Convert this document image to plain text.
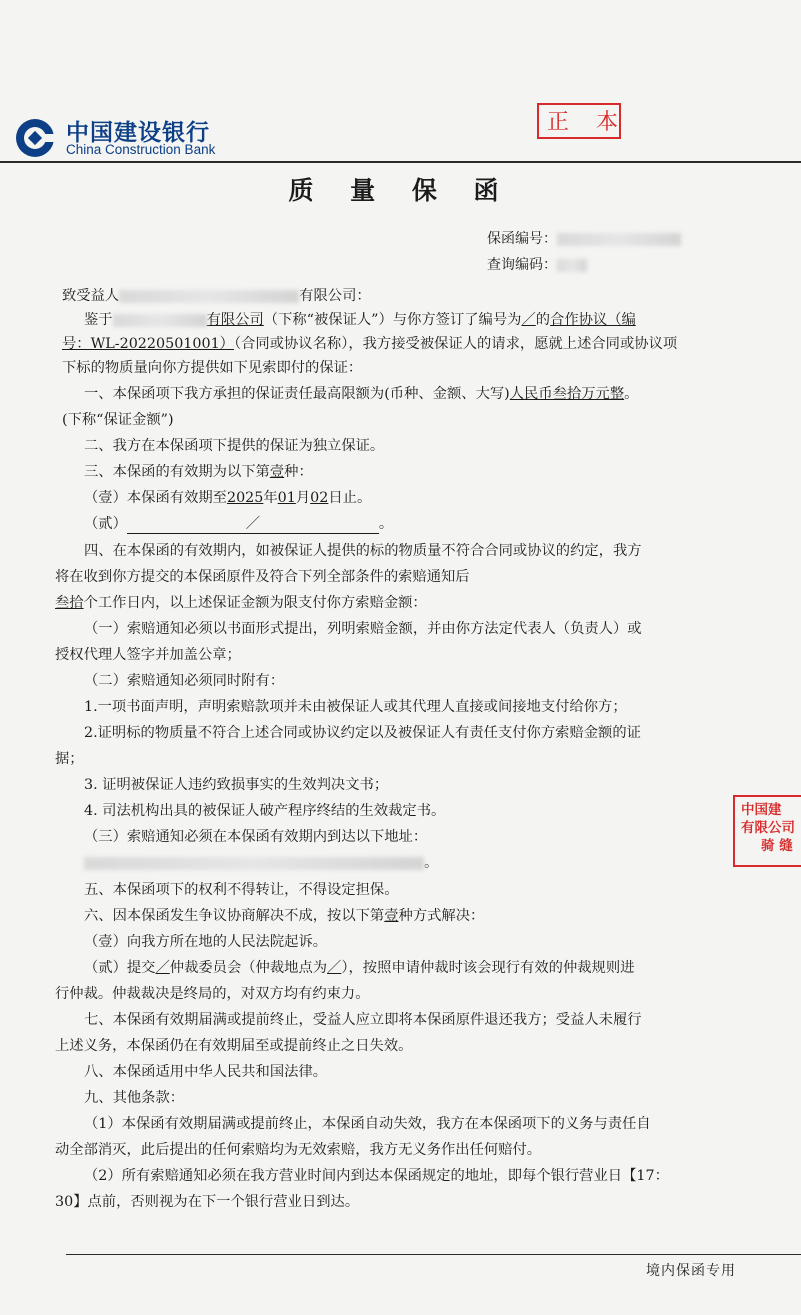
中国建设银行
China Construction Bank
正 本
质 量 保 函
保函编号：
查询编码：
致受益人	有限公司：
鉴于	有限公司（下称“被保证人”）与你方签订了编号为／的合作协议（编
号：WL-20220501001）（合同或协议名称），我方接受被保证人的请求，愿就上述合同或协议项
下标的物质量向你方提供如下见索即付的保证：
一、本保函项下我方承担的保证责任最高限额为(币种、金额、大写)人民币叁拾万元整。
(下称“保证金额”)
二、我方在本保函项下提供的保证为独立保证。
三、本保函的有效期为以下第壹种：
（壹）本保函有效期至2025年01月02日止。
（贰）	／	。
四、在本保函的有效期内，如被保证人提供的标的物质量不符合合同或协议的约定，我方
将在收到你方提交的本保函原件及符合下列全部条件的索赔通知后
叁拾个工作日内，以上述保证金额为限支付你方索赔金额：
（一）索赔通知必须以书面形式提出，列明索赔金额，并由你方法定代表人（负责人）或
授权代理人签字并加盖公章；
（二）索赔通知必须同时附有：
1.一项书面声明，声明索赔款项并未由被保证人或其代理人直接或间接地支付给你方；
2.证明标的物质量不符合上述合同或协议约定以及被保证人有责任支付你方索赔金额的证
据；
3. 证明被保证人违约致损事实的生效判决文书；
4. 司法机构出具的被保证人破产程序终结的生效裁定书。
（三）索赔通知必须在本保函有效期内到达以下地址：
。
五、本保函项下的权利不得转让，不得设定担保。
六、因本保函发生争议协商解决不成，按以下第壹种方式解决：
（壹）向我方所在地的人民法院起诉。
（贰）提交／仲裁委员会（仲裁地点为／），按照申请仲裁时该会现行有效的仲裁规则进
行仲裁。仲裁裁决是终局的，对双方均有约束力。
七、本保函有效期届满或提前终止，受益人应立即将本保函原件退还我方；受益人未履行
上述义务，本保函仍在有效期届至或提前终止之日失效。
八、本保函适用中华人民共和国法律。
九、其他条款：
（1）本保函有效期届满或提前终止，本保函自动失效，我方在本保函项下的义务与责任自
动全部消灭，此后提出的任何索赔均为无效索赔，我方无义务作出任何赔付。
（2）所有索赔通知必须在我方营业时间内到达本保函规定的地址，即每个银行营业日【17：
30】点前，否则视为在下一个银行营业日到达。
中国建
有限公司
骑 缝
境内保函专用
